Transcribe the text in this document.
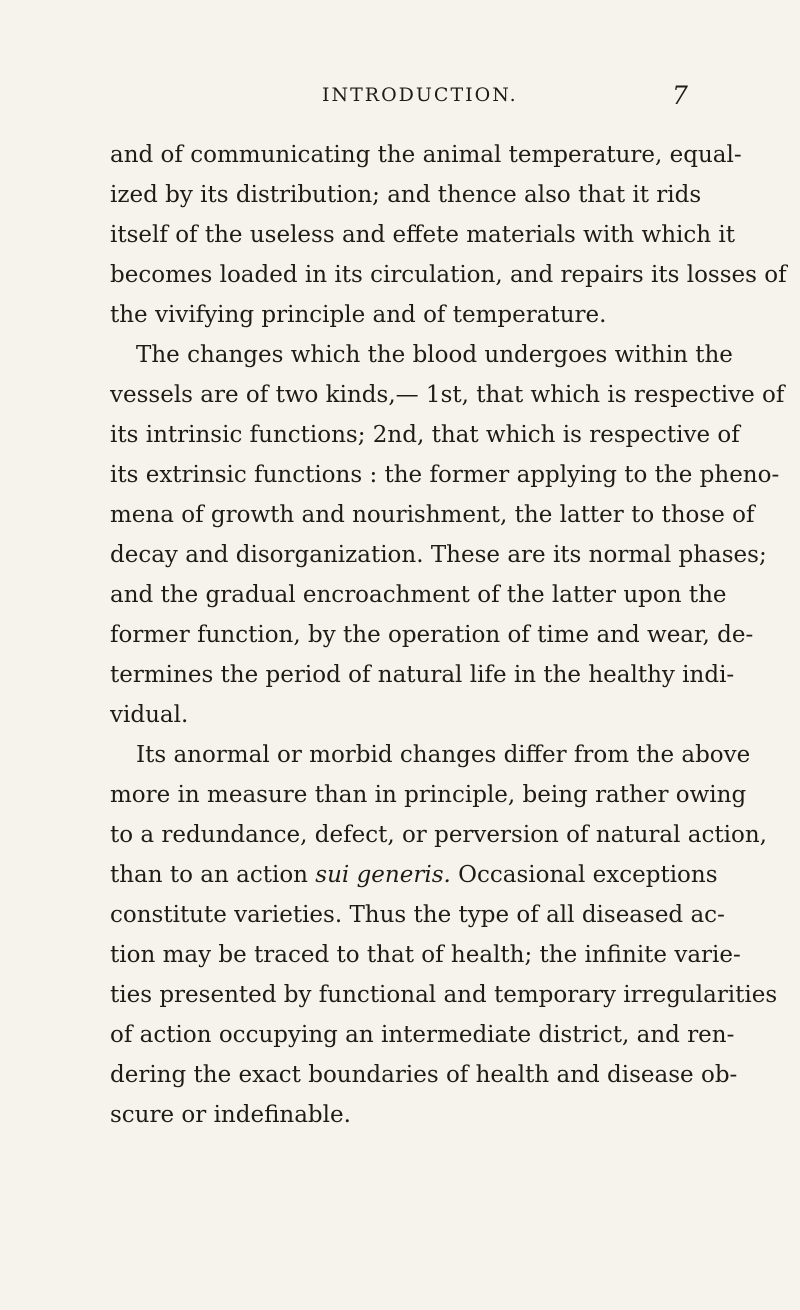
INTRODUCTION.	7
and of communicating the animal temperature, equal-
ized by its distribution; and thence also that it rids
itself of the useless and effete materials with which it
becomes loaded in its circulation, and repairs its losses of
the vivifying principle and of temperature.
The changes which the blood undergoes within the
vessels are of two kinds,— 1st, that which is respective of
its intrinsic functions; 2nd, that which is respective of
its extrinsic functions : the former applying to the pheno-
mena of growth and nourishment, the latter to those of
decay and disorganization. These are its normal phases;
and the gradual encroachment of the latter upon the
former function, by the operation of time and wear, de-
termines the period of natural life in the healthy indi-
vidual.
Its anormal or morbid changes differ from the above
more in measure than in principle, being rather owing
to a redundance, defect, or perversion of natural action,
than to an action sui generis. Occasional exceptions
constitute varieties. Thus the type of all diseased ac-
tion may be traced to that of health; the infinite varie-
ties presented by functional and temporary irregularities
of action occupying an intermediate district, and ren-
dering the exact boundaries of health and disease ob-
scure or indefinable.
